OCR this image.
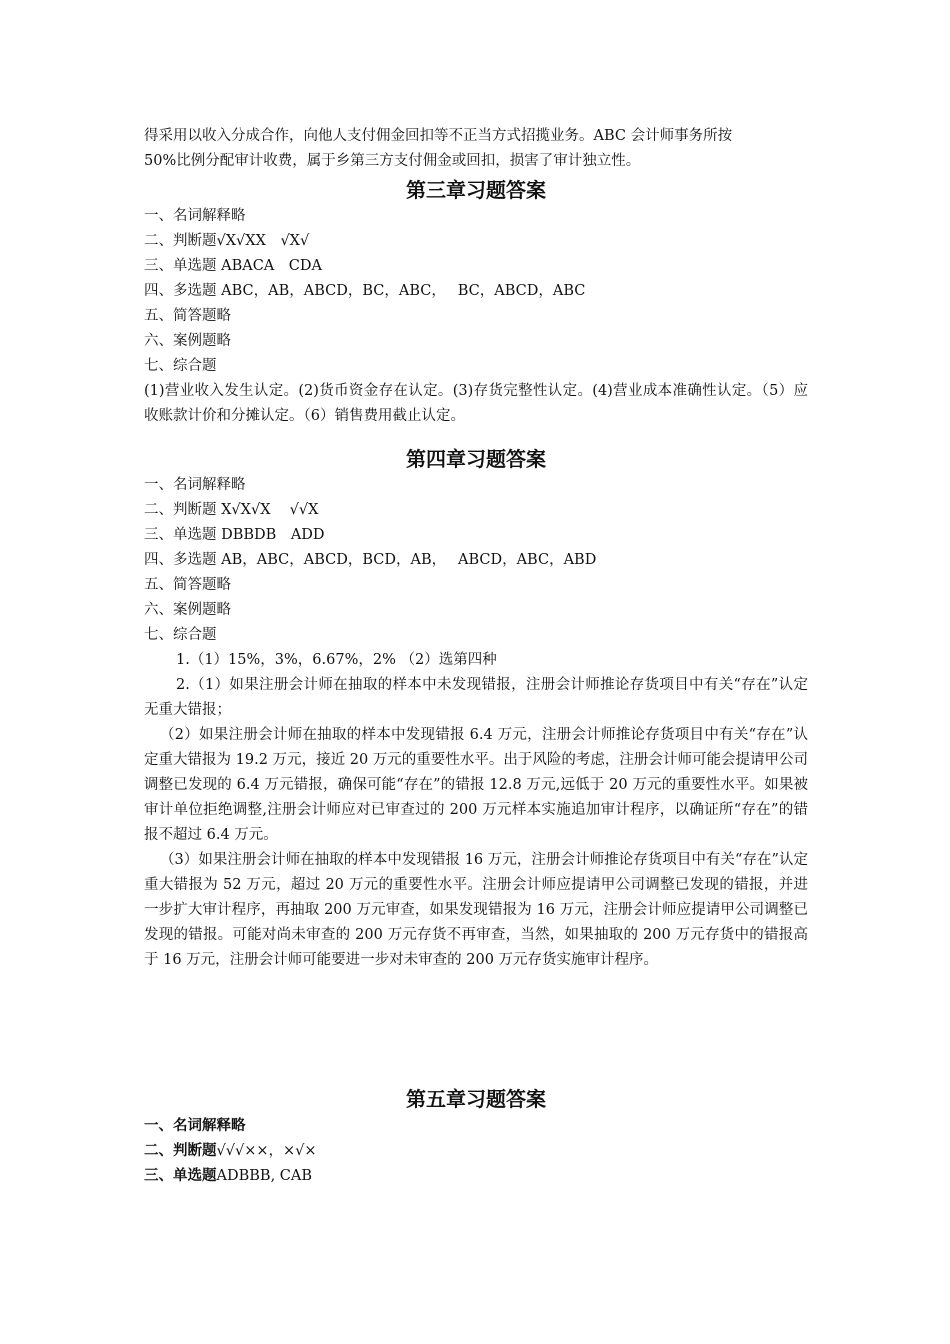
得采用以收入分成合作，向他人支付佣金回扣等不正当方式招揽业务。ABC 会计师事务所按
50%比例分配审计收费，属于乡第三方支付佣金或回扣，损害了审计独立性。
第三章习题答案
一、名词解释略
二、判断题√X√XX　√X√
三、单选题 ABACA　CDA
四、多选题 ABC，AB，ABCD，BC，ABC，　 BC，ABCD，ABC
五、简答题略
六、案例题略
七、综合题
(1)营业收入发生认定。(2)货币资金存在认定。(3)存货完整性认定。(4)营业成本准确性认定。（5）应收账款计价和分摊认定。（6）销售费用截止认定。
第四章习题答案
一、名词解释略
二、判断题 X√X√X　 √√X
三、单选题 DBBDB　ADD
四、多选题 AB，ABC，ABCD，BCD，AB，　 ABCD，ABC，ABD
五、简答题略
六、案例题略
七、综合题
1.（1）15%，3%，6.67%，2% （2）选第四种
2.（1）如果注册会计师在抽取的样本中未发现错报，注册会计师推论存货项目中有关“存在”认定无重大错报；
（2）如果注册会计师在抽取的样本中发现错报 6.4 万元，注册会计师推论存货项目中有关“存在”认定重大错报为 19.2 万元，接近 20 万元的重要性水平。出于风险的考虑，注册会计师可能会提请甲公司调整已发现的 6.4 万元错报，确保可能“存在”的错报 12.8 万元,远低于 20 万元的重要性水平。如果被审计单位拒绝调整,注册会计师应对已审查过的 200 万元样本实施追加审计程序，以确证所“存在”的错报不超过 6.4 万元。
（3）如果注册会计师在抽取的样本中发现错报 16 万元，注册会计师推论存货项目中有关“存在”认定重大错报为 52 万元，超过 20 万元的重要性水平。注册会计师应提请甲公司调整已发现的错报，并进一步扩大审计程序，再抽取 200 万元审查，如果发现错报为 16 万元，注册会计师应提请甲公司调整已发现的错报。可能对尚未审查的 200 万元存货不再审查，当然，如果抽取的 200 万元存货中的错报高于 16 万元，注册会计师可能要进一步对未审查的 200 万元存货实施审计程序。
第五章习题答案
一、名词解释略
二、判断题√√√××，×√×
三、单选题ADBBB, CAB
